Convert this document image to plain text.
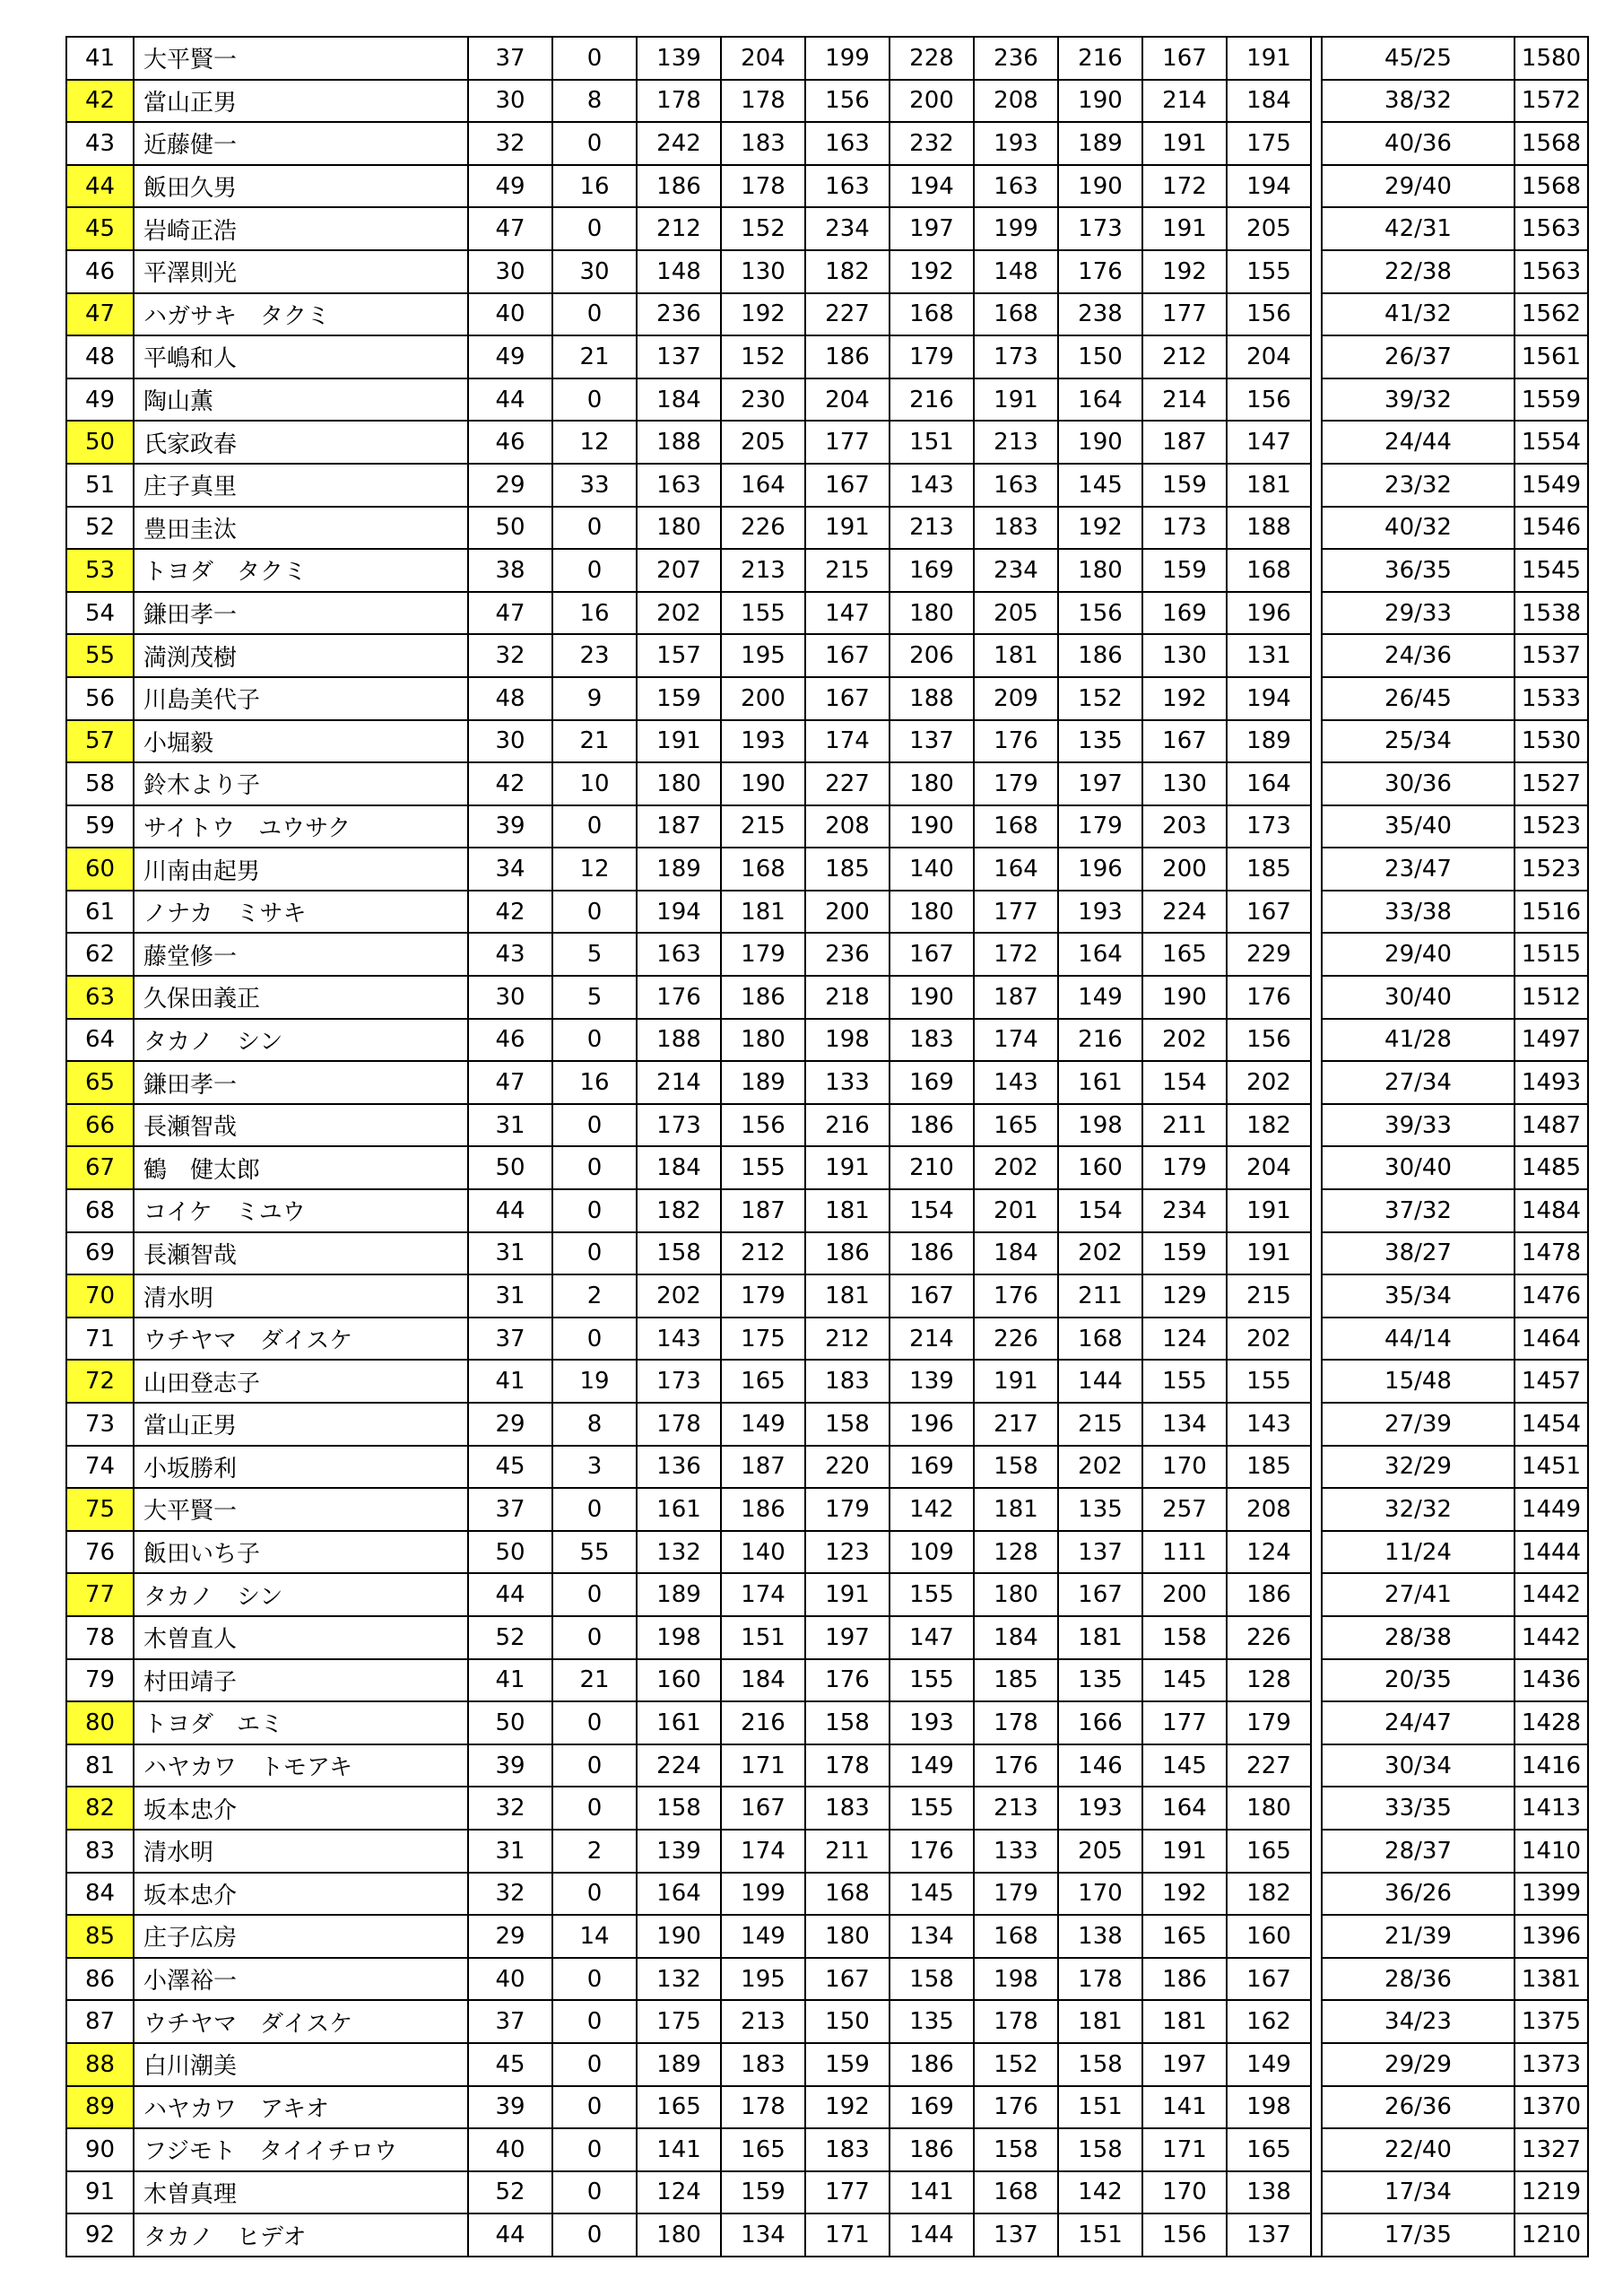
41	大平賢一	37	0	139	204	199	228	236	216	167	191		45/25	1580
42	當山正男	30	8	178	178	156	200	208	190	214	184		38/32	1572
43	近藤健一	32	0	242	183	163	232	193	189	191	175		40/36	1568
44	飯田久男	49	16	186	178	163	194	163	190	172	194		29/40	1568
45	岩崎正浩	47	0	212	152	234	197	199	173	191	205		42/31	1563
46	平澤則光	30	30	148	130	182	192	148	176	192	155		22/38	1563
47	ハガサキ　タクミ	40	0	236	192	227	168	168	238	177	156		41/32	1562
48	平嶋和人	49	21	137	152	186	179	173	150	212	204		26/37	1561
49	陶山薫	44	0	184	230	204	216	191	164	214	156		39/32	1559
50	氏家政春	46	12	188	205	177	151	213	190	187	147		24/44	1554
51	庄子真里	29	33	163	164	167	143	163	145	159	181		23/32	1549
52	豊田圭汰	50	0	180	226	191	213	183	192	173	188		40/32	1546
53	トヨダ　タクミ	38	0	207	213	215	169	234	180	159	168		36/35	1545
54	鎌田孝一	47	16	202	155	147	180	205	156	169	196		29/33	1538
55	満渕茂樹	32	23	157	195	167	206	181	186	130	131		24/36	1537
56	川島美代子	48	9	159	200	167	188	209	152	192	194		26/45	1533
57	小堀毅	30	21	191	193	174	137	176	135	167	189		25/34	1530
58	鈴木より子	42	10	180	190	227	180	179	197	130	164		30/36	1527
59	サイトウ　ユウサク	39	0	187	215	208	190	168	179	203	173		35/40	1523
60	川南由起男	34	12	189	168	185	140	164	196	200	185		23/47	1523
61	ノナカ　ミサキ	42	0	194	181	200	180	177	193	224	167		33/38	1516
62	藤堂修一	43	5	163	179	236	167	172	164	165	229		29/40	1515
63	久保田義正	30	5	176	186	218	190	187	149	190	176		30/40	1512
64	タカノ　シン	46	0	188	180	198	183	174	216	202	156		41/28	1497
65	鎌田孝一	47	16	214	189	133	169	143	161	154	202		27/34	1493
66	長瀬智哉	31	0	173	156	216	186	165	198	211	182		39/33	1487
67	鶴　健太郎	50	0	184	155	191	210	202	160	179	204		30/40	1485
68	コイケ　ミユウ	44	0	182	187	181	154	201	154	234	191		37/32	1484
69	長瀬智哉	31	0	158	212	186	186	184	202	159	191		38/27	1478
70	清水明	31	2	202	179	181	167	176	211	129	215		35/34	1476
71	ウチヤマ　ダイスケ	37	0	143	175	212	214	226	168	124	202		44/14	1464
72	山田登志子	41	19	173	165	183	139	191	144	155	155		15/48	1457
73	當山正男	29	8	178	149	158	196	217	215	134	143		27/39	1454
74	小坂勝利	45	3	136	187	220	169	158	202	170	185		32/29	1451
75	大平賢一	37	0	161	186	179	142	181	135	257	208		32/32	1449
76	飯田いち子	50	55	132	140	123	109	128	137	111	124		11/24	1444
77	タカノ　シン	44	0	189	174	191	155	180	167	200	186		27/41	1442
78	木曽直人	52	0	198	151	197	147	184	181	158	226		28/38	1442
79	村田靖子	41	21	160	184	176	155	185	135	145	128		20/35	1436
80	トヨダ　エミ	50	0	161	216	158	193	178	166	177	179		24/47	1428
81	ハヤカワ　トモアキ	39	0	224	171	178	149	176	146	145	227		30/34	1416
82	坂本忠介	32	0	158	167	183	155	213	193	164	180		33/35	1413
83	清水明	31	2	139	174	211	176	133	205	191	165		28/37	1410
84	坂本忠介	32	0	164	199	168	145	179	170	192	182		36/26	1399
85	庄子広房	29	14	190	149	180	134	168	138	165	160		21/39	1396
86	小澤裕一	40	0	132	195	167	158	198	178	186	167		28/36	1381
87	ウチヤマ　ダイスケ	37	0	175	213	150	135	178	181	181	162		34/23	1375
88	白川潮美	45	0	189	183	159	186	152	158	197	149		29/29	1373
89	ハヤカワ　アキオ	39	0	165	178	192	169	176	151	141	198		26/36	1370
90	フジモト　タイイチロウ	40	0	141	165	183	186	158	158	171	165		22/40	1327
91	木曽真理	52	0	124	159	177	141	168	142	170	138		17/34	1219
92	タカノ　ヒデオ	44	0	180	134	171	144	137	151	156	137		17/35	1210
